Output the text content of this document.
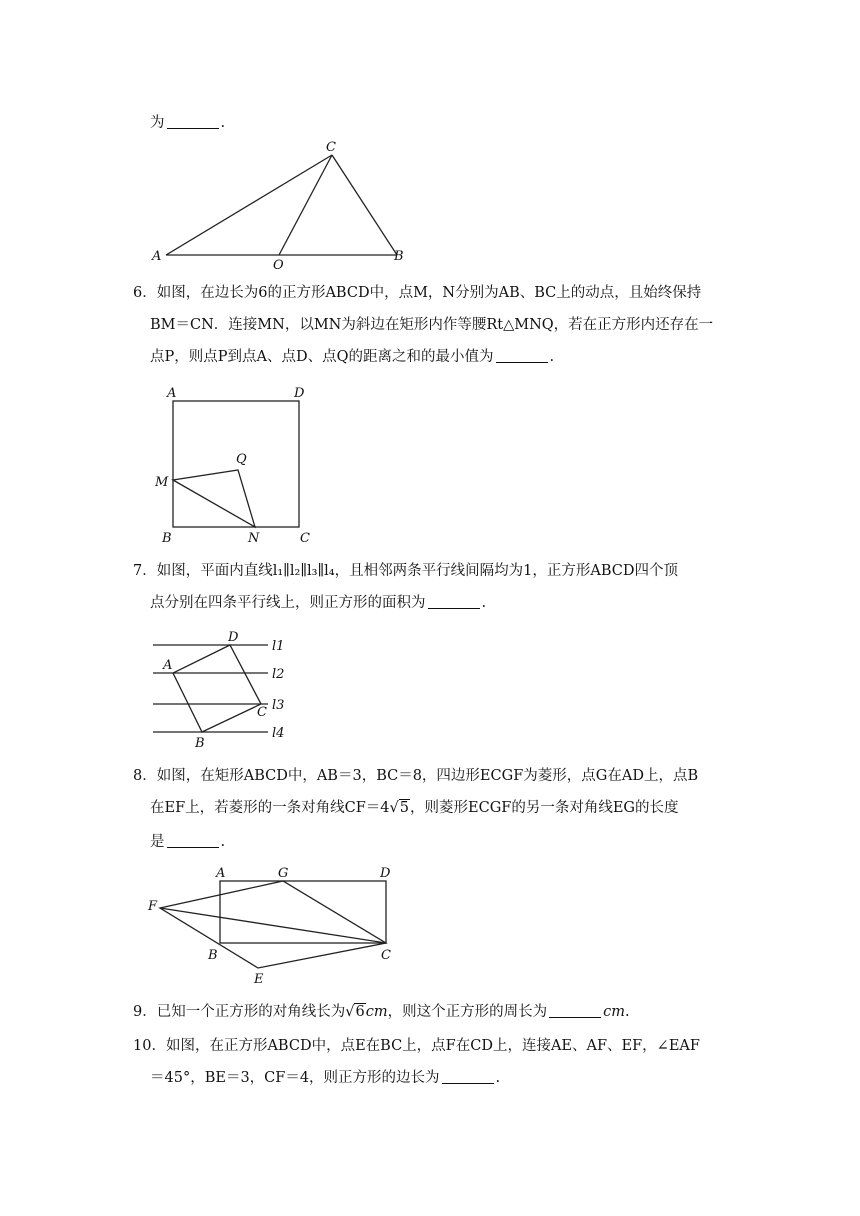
为	.
A	B
C
O
6．如图，在边长为6的正方形ABCD中，点M，N分别为AB、BC上的动点，且始终保持
BM＝CN．连接MN，以MN为斜边在矩形内作等腰Rt△MNQ，若在正方形内还存在一
点P，则点P到点A、点D、点Q的距离之和的最小值为	.
A	D
B	C
M
N
Q
7．如图，平面内直线l₁∥l₂∥l₃∥l₄，且相邻两条平行线间隔均为1，正方形ABCD四个顶
点分别在四条平行线上，则正方形的面积为	.
D
A
C
B
l1
l2
l3
l4
8．如图，在矩形ABCD中，AB＝3，BC＝8，四边形ECGF为菱形，点G在AD上，点B
在EF上，若菱形的一条对角线CF＝4√5，则菱形ECGF的另一条对角线EG的长度
是	.
A	G	D
F
B	C
E
9．已知一个正方形的对角线长为√6cm，则这个正方形的周长为	cm.
10．如图，在正方形ABCD中，点E在BC上，点F在CD上，连接AE、AF、EF，∠EAF
＝45°，BE＝3，CF＝4，则正方形的边长为	.
